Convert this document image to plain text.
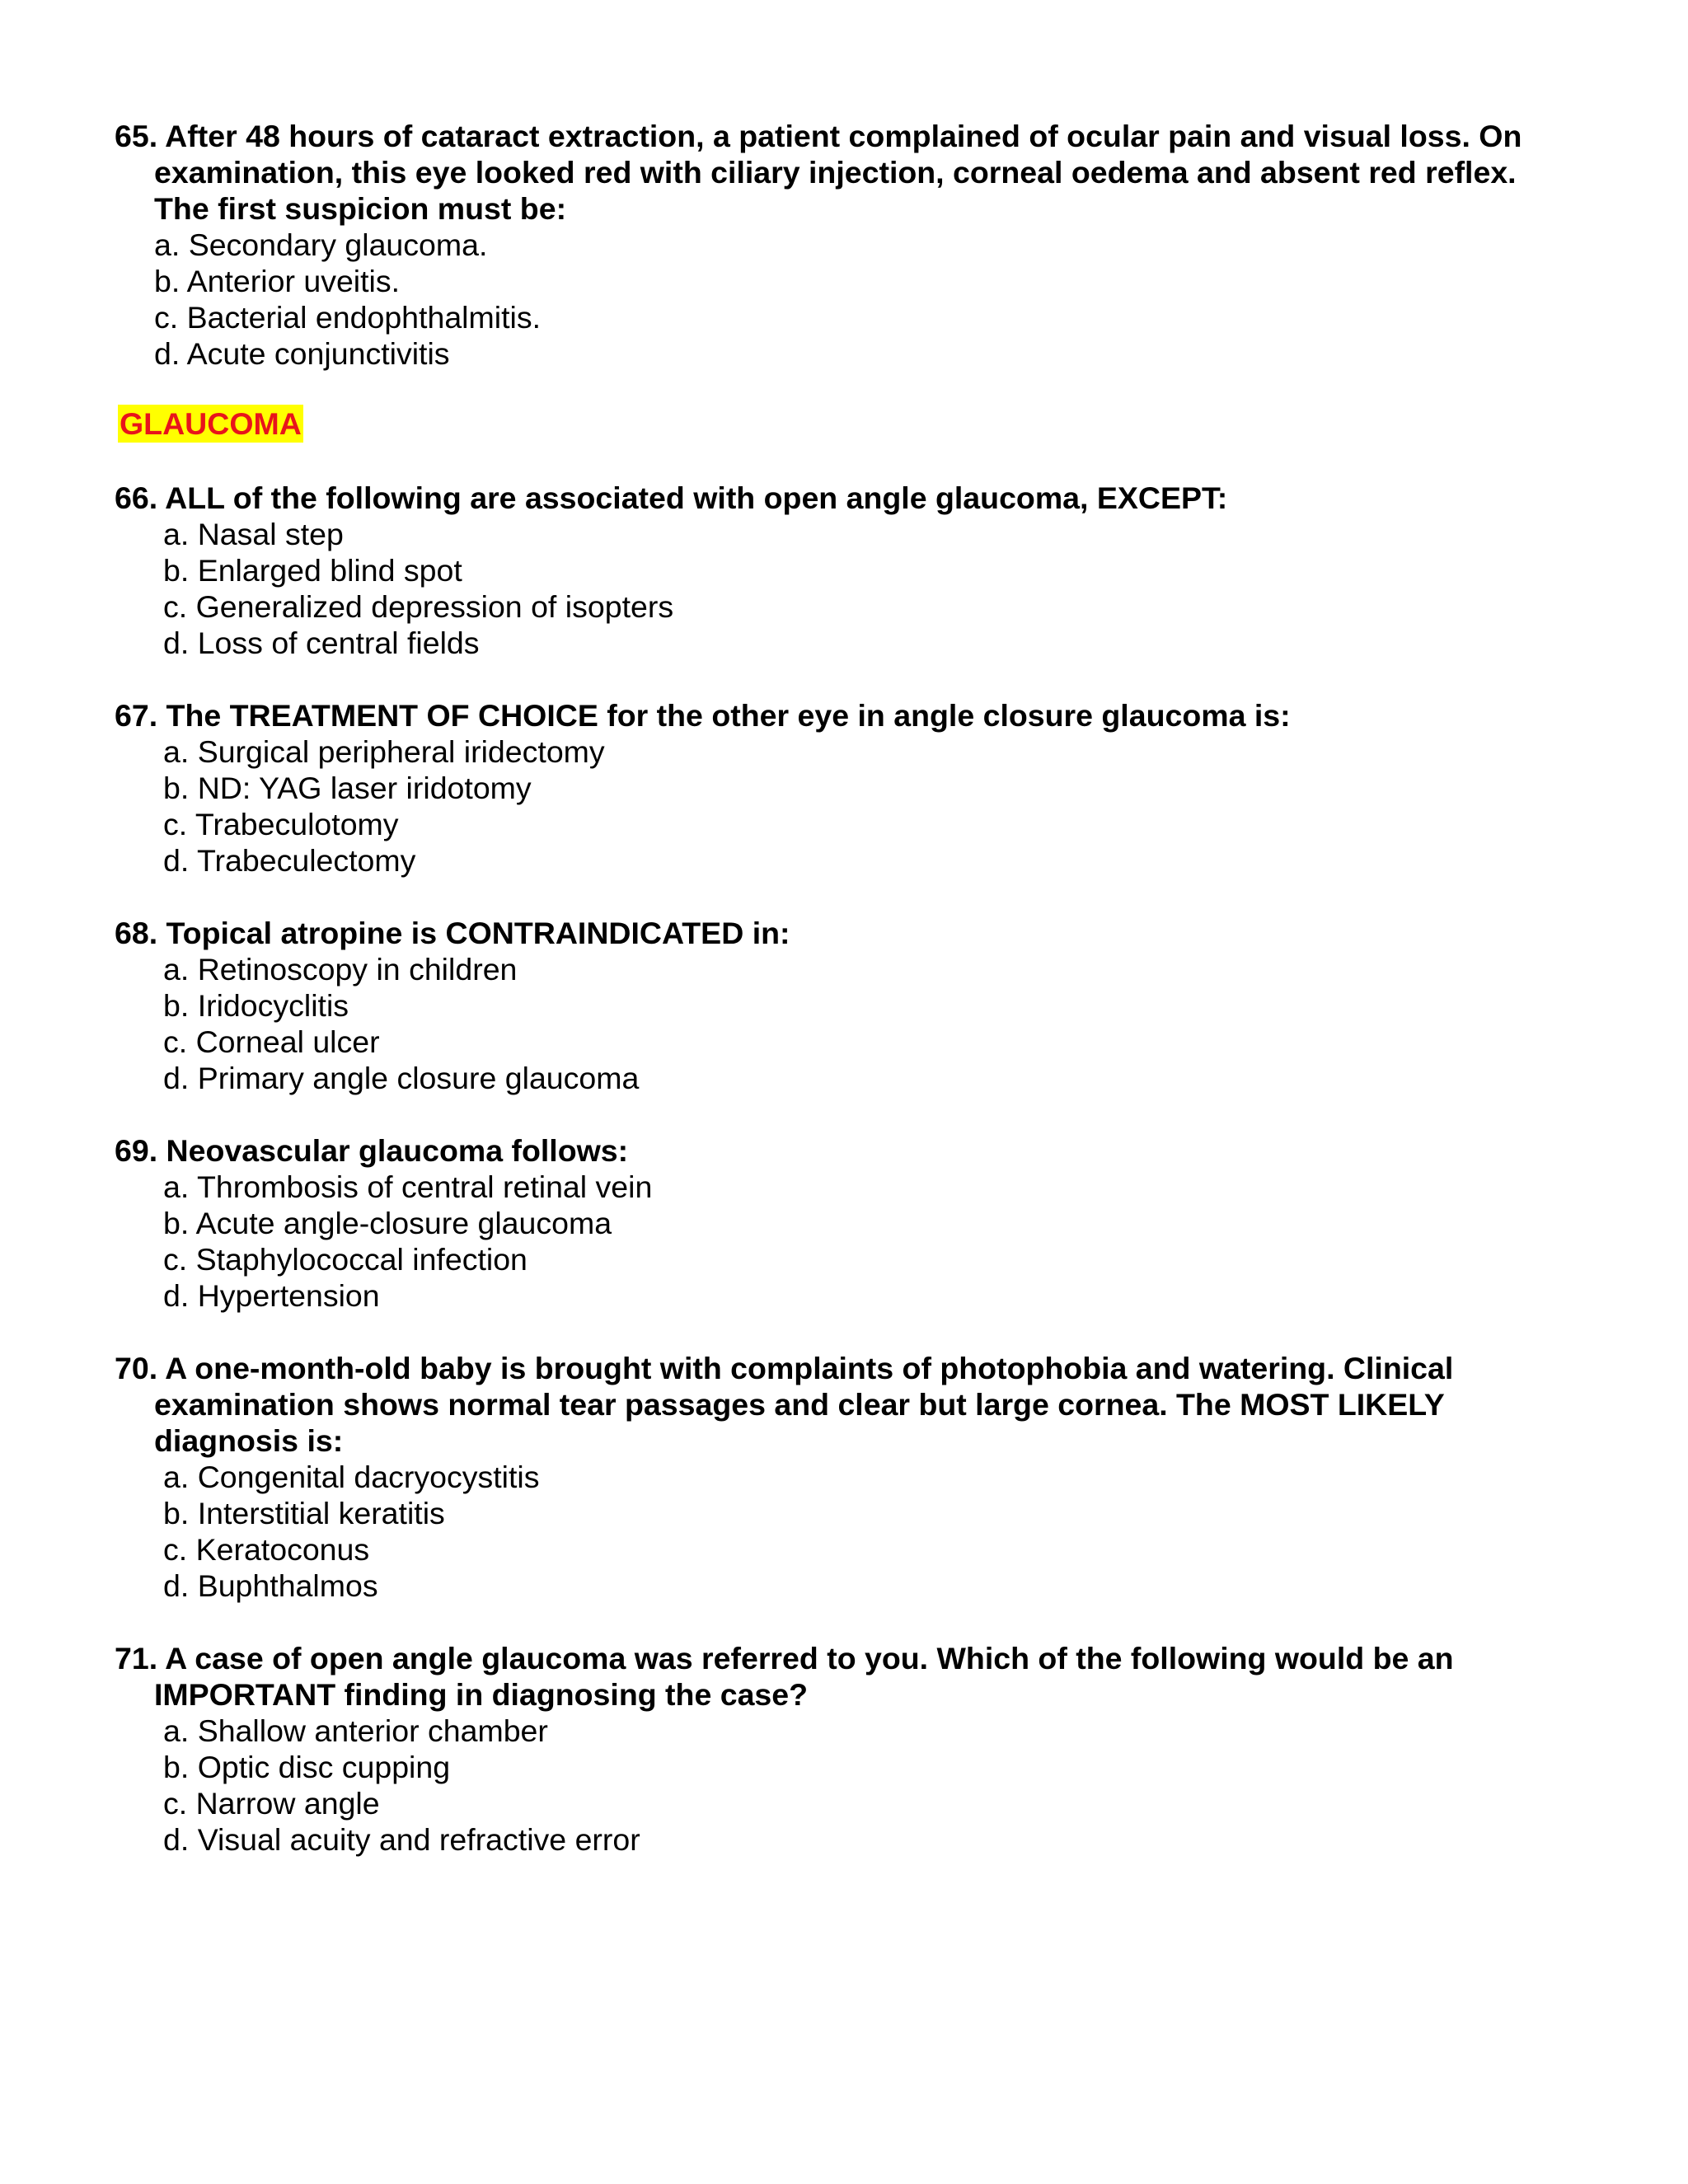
65. After 48 hours of cataract extraction, a patient complained of ocular pain and visual loss. On examination, this eye looked red with ciliary injection, corneal oedema and absent red reflex. The first suspicion must be:

a. Secondary glaucoma.
b. Anterior uveitis.
c. Bacterial endophthalmitis.
d. Acute conjunctivitis
GLAUCOMA

66. ALL of the following are associated with open angle glaucoma, EXCEPT:

a. Nasal step
b. Enlarged blind spot
c. Generalized depression of isopters
d. Loss of central fields

67. The TREATMENT OF CHOICE for the other eye in angle closure glaucoma is:

a. Surgical peripheral iridectomy
b. ND: YAG laser iridotomy
c. Trabeculotomy
d. Trabeculectomy

68. Topical atropine is CONTRAINDICATED in:

a. Retinoscopy in children
b. Iridocyclitis
c. Corneal ulcer
d. Primary angle closure glaucoma

69. Neovascular glaucoma follows:

a. Thrombosis of central retinal vein
b. Acute angle-closure glaucoma
c. Staphylococcal infection
d. Hypertension

70. A one-month-old baby is brought with complaints of photophobia and watering. Clinical examination shows normal tear passages and clear but large cornea. The MOST LIKELY diagnosis is:

a. Congenital dacryocystitis
b. Interstitial keratitis
c. Keratoconus
d. Buphthalmos

71. A case of open angle glaucoma was referred to you. Which of the following would be an IMPORTANT finding in diagnosing the case?

a. Shallow anterior chamber
b. Optic disc cupping
c. Narrow angle
d. Visual acuity and refractive error
